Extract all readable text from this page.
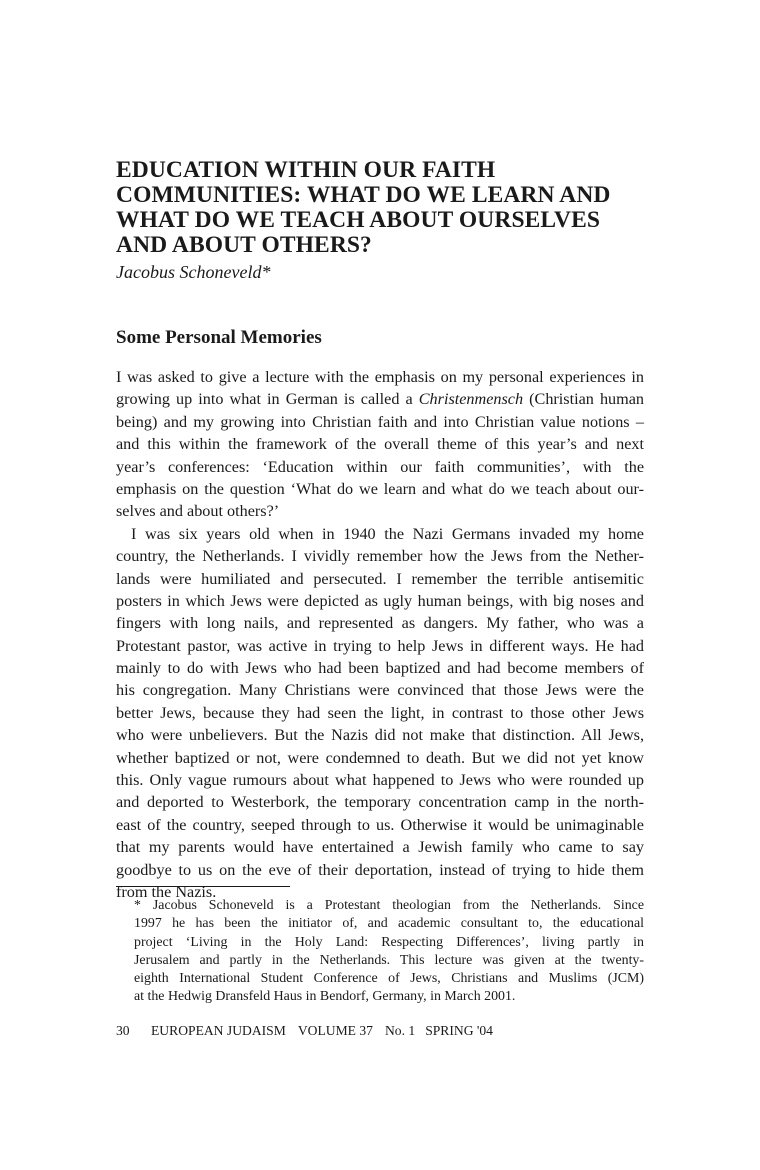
EDUCATION WITHIN OUR FAITH
COMMUNITIES: WHAT DO WE LEARN AND
WHAT DO WE TEACH ABOUT OURSELVES
AND ABOUT OTHERS?
Jacobus Schoneveld*
Some Personal Memories

I was asked to give a lecture with the emphasis on my personal experiences in
growing up into what in German is called a Christenmensch (Christian human
being) and my growing into Christian faith and into Christian value notions –
and this within the framework of the overall theme of this year’s and next
year’s conferences: ‘Education within our faith communities’, with the
emphasis on the question ‘What do we learn and what do we teach about our-
selves and about others?’

I was six years old when in 1940 the Nazi Germans invaded my home
country, the Netherlands. I vividly remember how the Jews from the Nether-
lands were humiliated and persecuted. I remember the terrible antisemitic
posters in which Jews were depicted as ugly human beings, with big noses and
fingers with long nails, and represented as dangers. My father, who was a
Protestant pastor, was active in trying to help Jews in different ways. He had
mainly to do with Jews who had been baptized and had become members of
his congregation. Many Christians were convinced that those Jews were the
better Jews, because they had seen the light, in contrast to those other Jews
who were unbelievers. But the Nazis did not make that distinction. All Jews,
whether baptized or not, were condemned to death. But we did not yet know
this. Only vague rumours about what happened to Jews who were rounded up
and deported to Westerbork, the temporary concentration camp in the north-
east of the country, seeped through to us. Otherwise it would be unimaginable
that my parents would have entertained a Jewish family who came to say
goodbye to us on the eve of their deportation, instead of trying to hide them
from the Nazis.

* Jacobus Schoneveld is a Protestant theologian from the Netherlands. Since
1997 he has been the initiator of, and academic consultant to, the educational
project ‘Living in the Holy Land: Respecting Differences’, living partly in
Jerusalem and partly in the Netherlands. This lecture was given at the twenty-
eighth International Student Conference of Jews, Christians and Muslims (JCM)
at the Hedwig Dransfeld Haus in Bendorf, Germany, in March 2001.
30 EUROPEAN JUDAISM VOLUME 37 No. 1 SPRING '04
